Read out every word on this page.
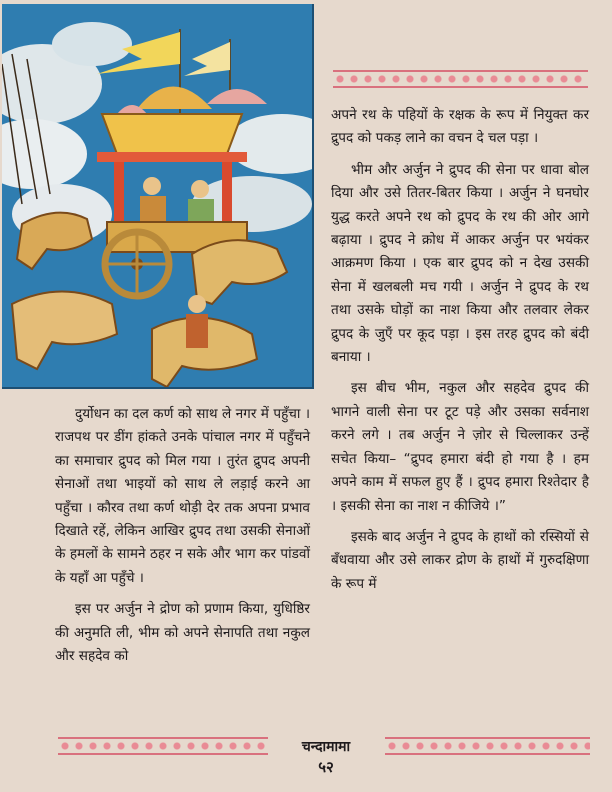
दुर्योधन का दल कर्ण को साथ ले नगर में पहुँचा । राजपथ पर डींग हांकते उनके पांचाल नगर में पहुँचने का समाचार द्रुपद को मिल गया । तुरंत द्रुपद अपनी सेनाओं तथा भाइयों को साथ ले लड़ाई करने आ पहुँचा । कौरव तथा कर्ण थोड़ी देर तक अपना प्रभाव दिखाते रहें, लेकिन आखिर द्रुपद तथा उसकी सेनाओं के हमलों के सामने ठहर न सके और भाग कर पांडवों के यहाँ आ पहुँचे ।

इस पर अर्जुन ने द्रोण को प्रणाम किया, युधिष्ठिर की अनुमति ली, भीम को अपने सेनापति तथा नकुल और सहदेव को

अपने रथ के पहियों के रक्षक के रूप में नियुक्त कर द्रुपद को पकड़ लाने का वचन दे चल पड़ा ।

भीम और अर्जुन ने द्रुपद की सेना पर धावा बोल दिया और उसे तितर-बितर किया । अर्जुन ने घनघोर युद्ध करते अपने रथ को द्रुपद के रथ की ओर आगे बढ़ाया । द्रुपद ने क्रोध में आकर अर्जुन पर भयंकर आक्रमण किया । एक बार द्रुपद को न देख उसकी सेना में खलबली मच गयी । अर्जुन ने द्रुपद के रथ तथा उसके घोड़ों का नाश किया और तलवार लेकर द्रुपद के जुएँ पर कूद पड़ा । इस तरह द्रुपद को बंदी बनाया ।

इस बीच भीम, नकुल और सहदेव द्रुपद की भागने वाली सेना पर टूट पड़े और उसका सर्वनाश करने लगे । तब अर्जुन ने ज़ोर से चिल्लाकर उन्हें सचेत किया– “द्रुपद हमारा बंदी हो गया है । हम अपने काम में सफल हुए हैं । द्रुपद हमारा रिश्तेदार है । इसकी सेना का नाश न कीजिये ।”

इसके बाद अर्जुन ने द्रुपद के हाथों को रस्सियों से बँधवाया और उसे लाकर द्रोण के हाथों में गुरुदक्षिणा के रूप में

चन्दामामा
५२
